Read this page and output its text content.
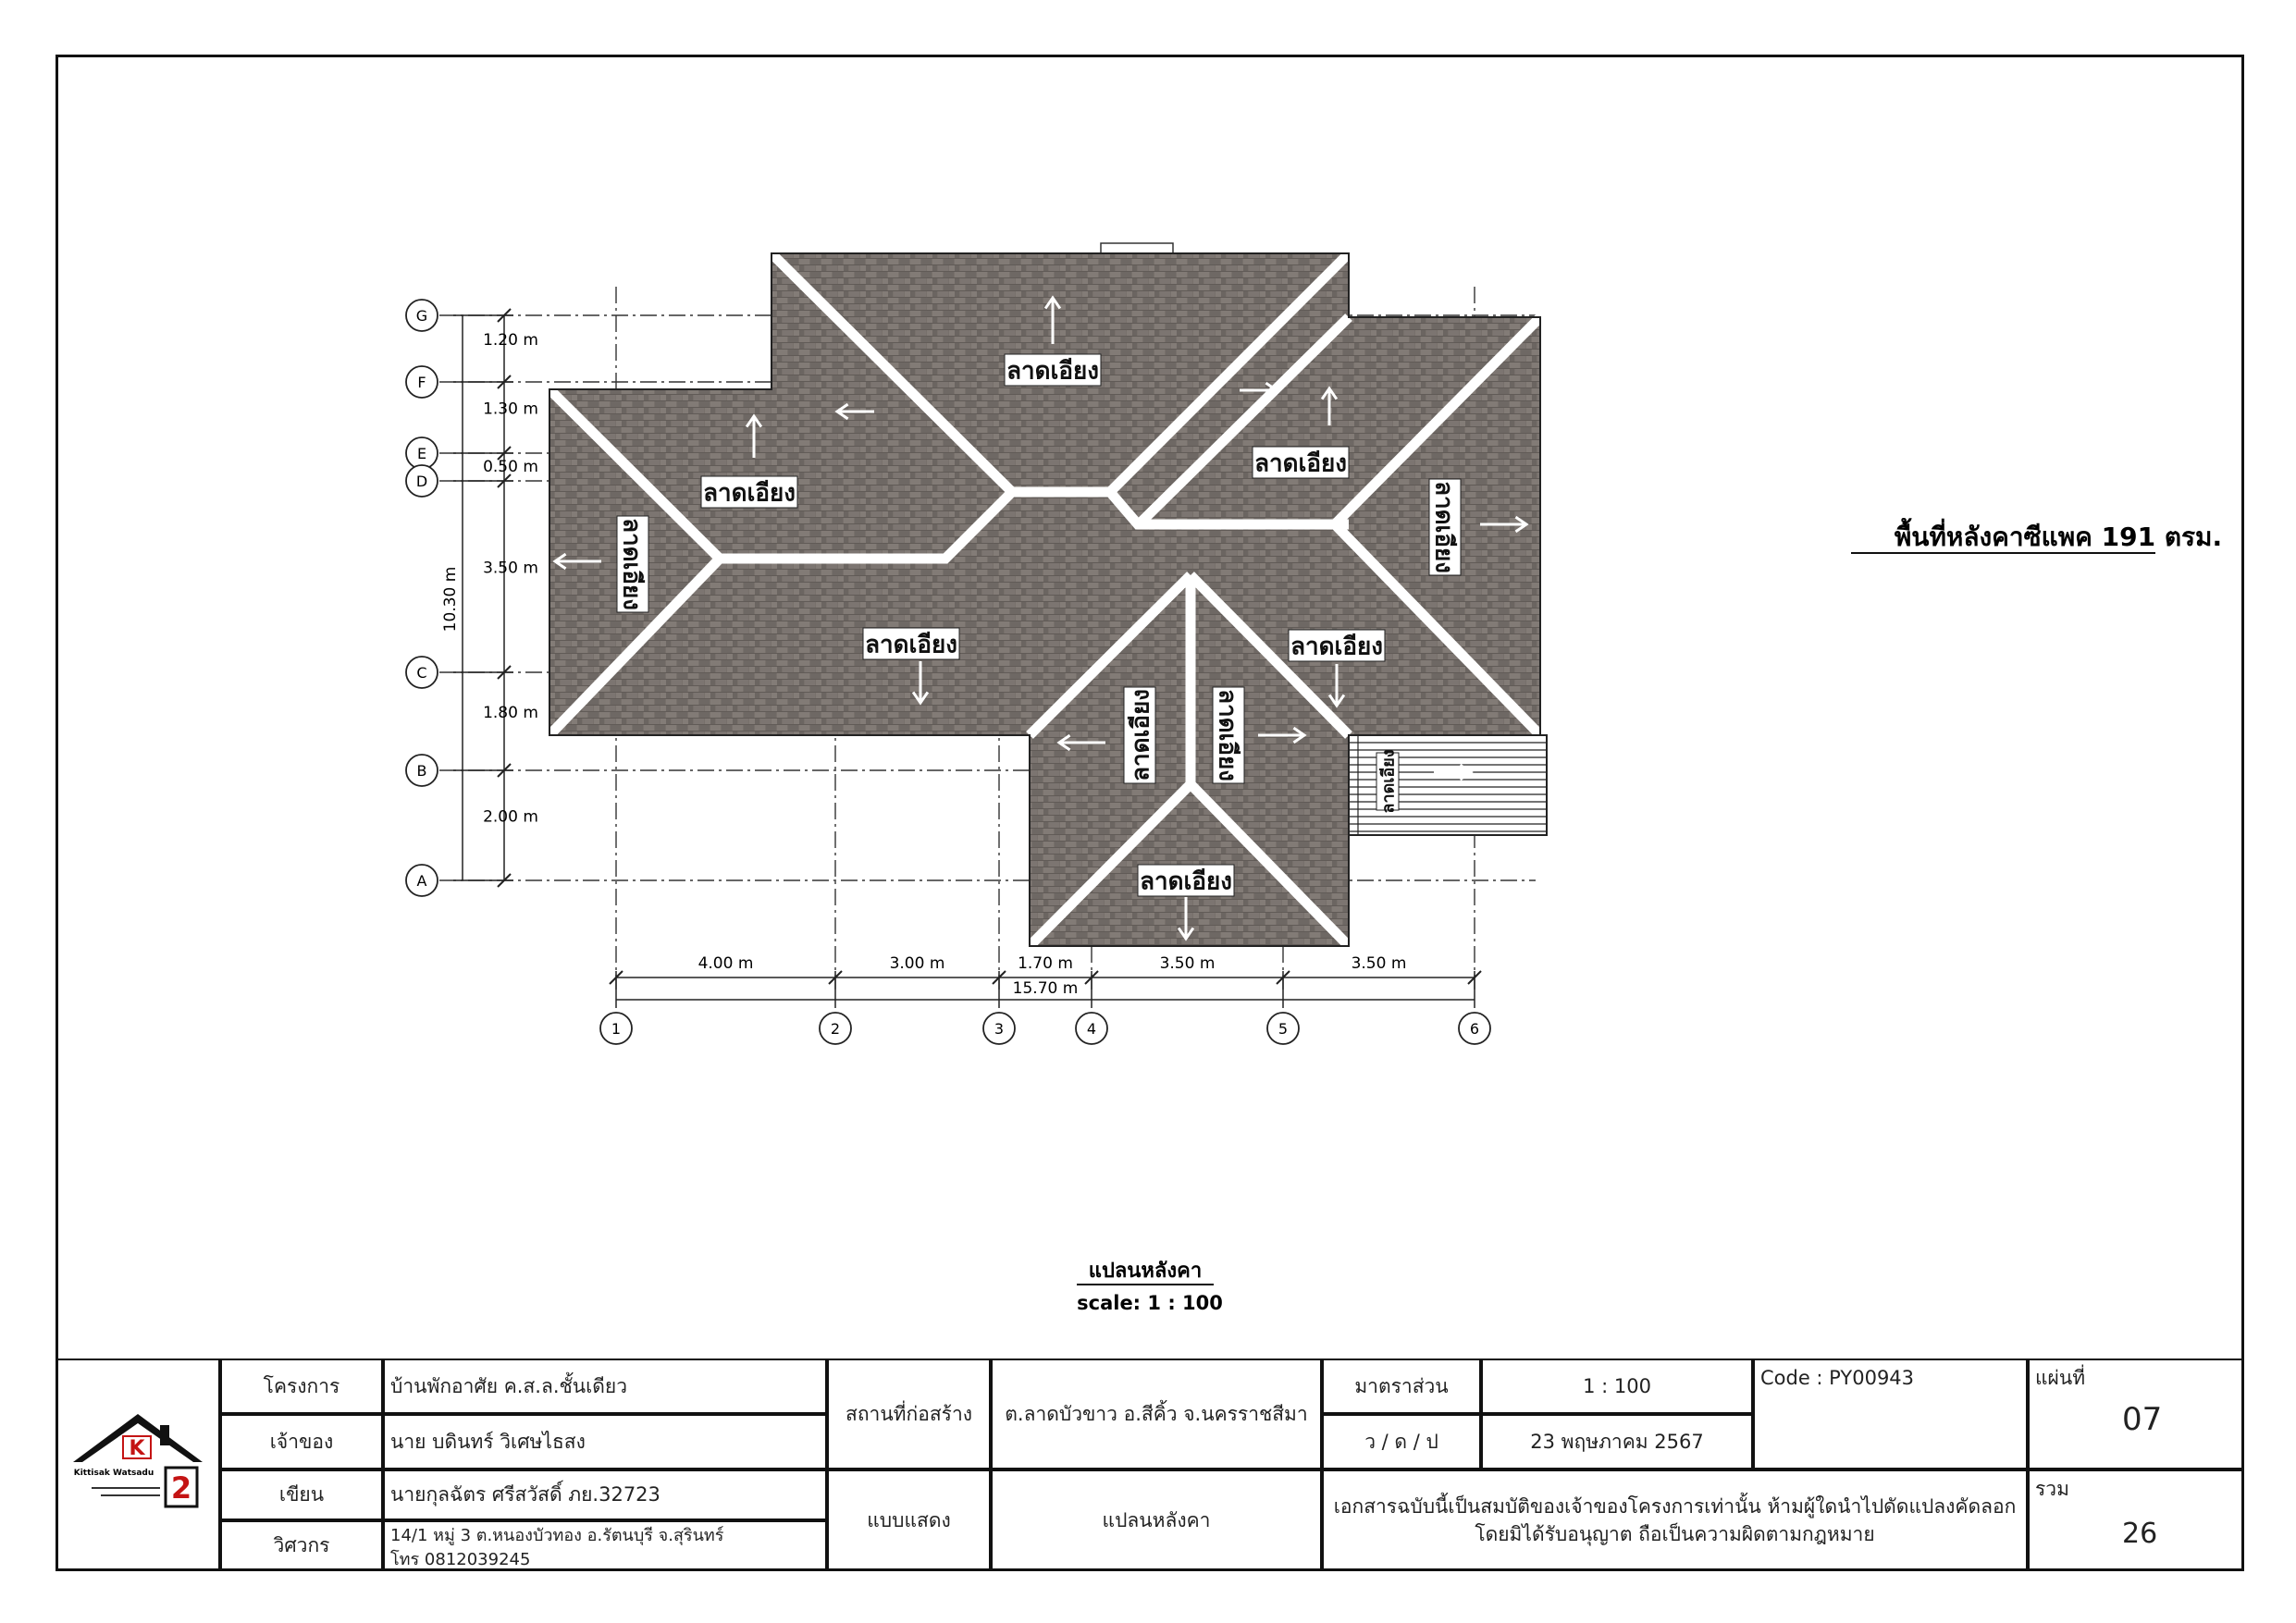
ลาดเอียง
ลาดเอียง
ลาดเอียง
ลาดเอียง	ลาดเอียง
ลาดเอียง
ลาดเอียง	ลาดเอียง
ลาดเอียง ลาดเอียง
ลาดเอียง
G
1.20 m
F
1.30 m
E
0.50 m
D
3.50 m
C
1.80 m
B
2.00 m
A
10.30 m
1
4.00 m
2
3.00 m
3
1.70 m
4
3.50 m
5
3.50 m
6
15.70 m
พื้นที่หลังคาซีแพค 191 ตรม.
แปลนหลังคา
scale: 1 : 100
K
Kittisak Watsadu 2
โครงการ	บ้านพักอาศัย ค.ส.ล.ชั้นเดียว
เจ้าของ	นาย บดินทร์ วิเศษไธสง
เขียน	นายกุลฉัตร ศรีสวัสดิ์ ภย.32723
วิศวกร	14/1 หมู่ 3 ต.หนองบัวทอง อ.รัตนบุรี จ.สุรินทร์
โทร 0812039245
สถานที่ก่อสร้าง	ต.ลาดบัวขาว อ.สีคิ้ว จ.นครราชสีมา
แบบแสดง	แปลนหลังคา
มาตราส่วน	1 : 100
ว / ด / ป	23 พฤษภาคม 2567
Code : PY00943
เอกสารฉบับนี้เป็นสมบัติของเจ้าของโครงการเท่านั้น ห้ามผู้ใดนำไปดัดแปลงคัดลอก
โดยมิได้รับอนุญาต ถือเป็นความผิดตามกฎหมาย
แผ่นที่
07
รวม
26
